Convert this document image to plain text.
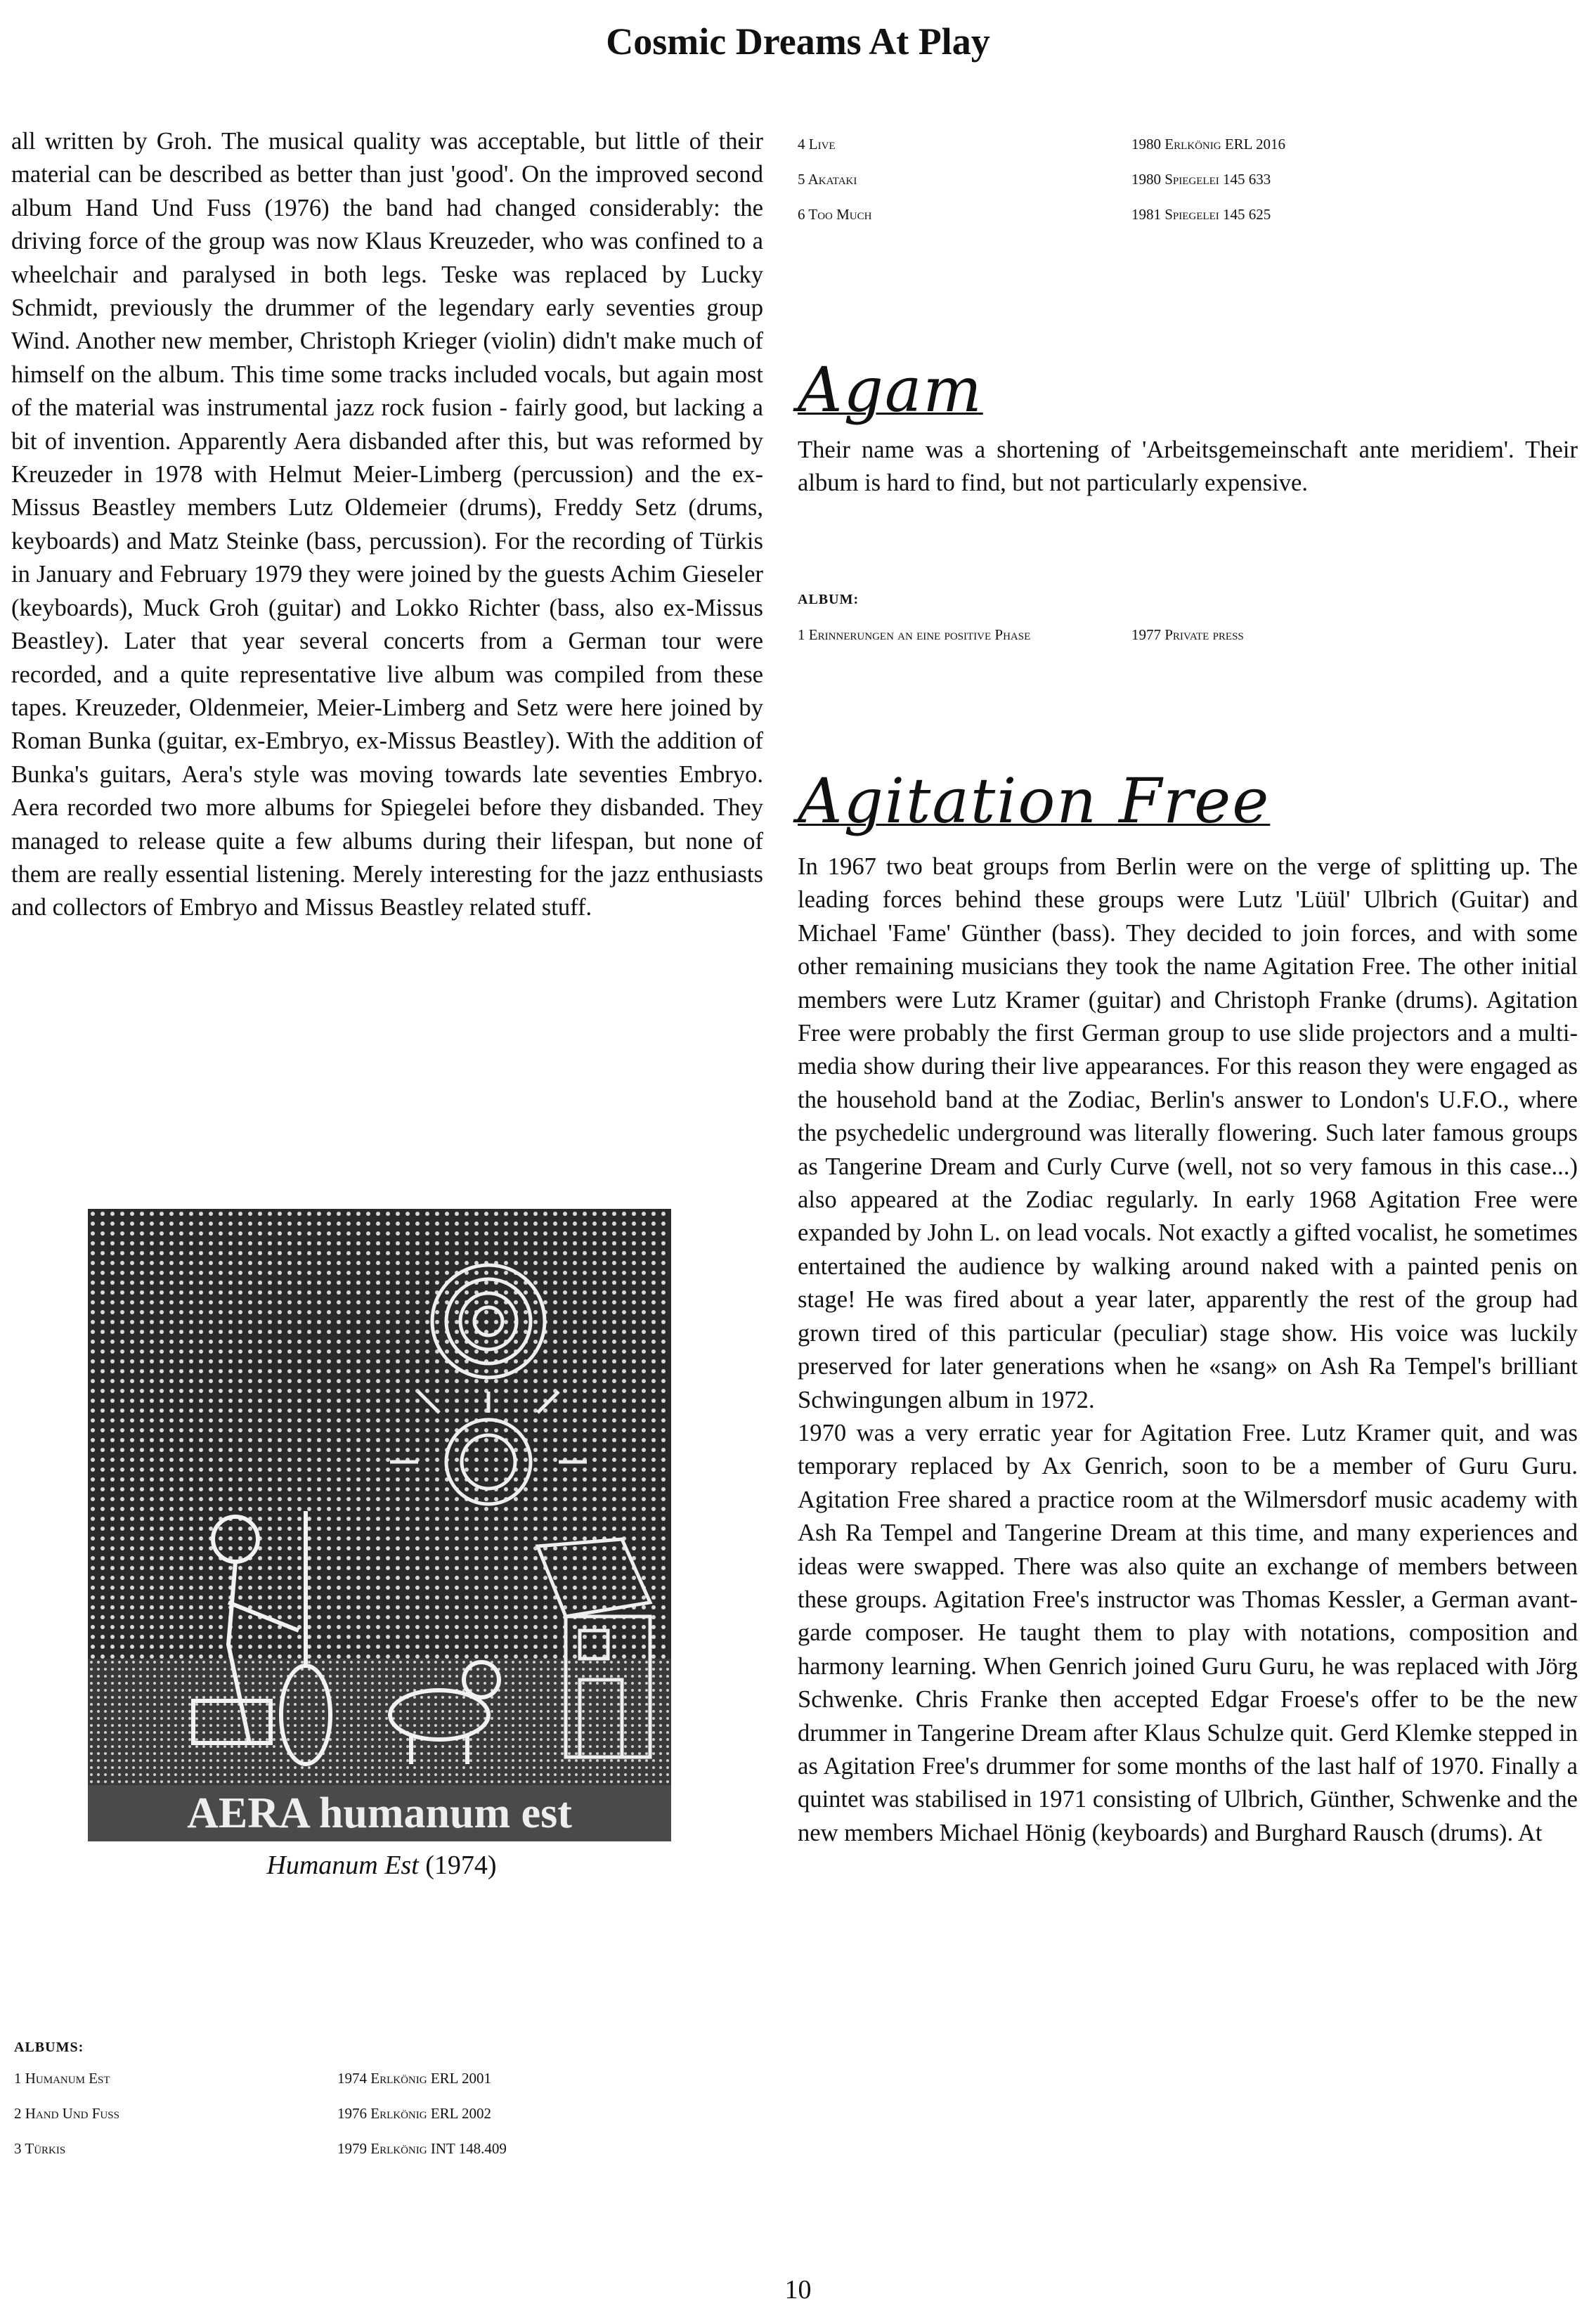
Cosmic Dreams At Play

all written by Groh. The musical quality was acceptable, but little of their material can be described as better than just 'good'. On the improved second album Hand Und Fuss (1976) the band had changed considerably: the driving force of the group was now Klaus Kreuzeder, who was confined to a wheelchair and paralysed in both legs. Teske was replaced by Lucky Schmidt, previously the drummer of the legendary early seventies group Wind. Another new member, Christoph Krieger (violin) didn't make much of himself on the album. This time some tracks included vocals, but again most of the material was instrumental jazz rock fusion - fairly good, but lacking a bit of invention. Apparently Aera disbanded after this, but was reformed by Kreuzeder in 1978 with Helmut Meier-Limberg (percussion) and the ex-Missus Beastley members Lutz Oldemeier (drums), Freddy Setz (drums, keyboards) and Matz Steinke (bass, percussion). For the recording of Türkis in January and February 1979 they were joined by the guests Achim Gieseler (keyboards), Muck Groh (guitar) and Lokko Richter (bass, also ex-Missus Beastley). Later that year several concerts from a German tour were recorded, and a quite representative live album was compiled from these tapes. Kreuzeder, Oldenmeier, Meier-Limberg and Setz were here joined by Roman Bunka (guitar, ex-Embryo, ex-Missus Beastley). With the addition of Bunka's guitars, Aera's style was moving towards late seventies Embryo. Aera recorded two more albums for Spiegelei before they disbanded. They managed to release quite a few albums during their lifespan, but none of them are really essential listening. Merely interesting for the jazz enthusiasts and collectors of Embryo and Missus Beastley related stuff.

AERA humanum est
Humanum Est (1974)
ALBUMS:
1 Humanum Est	1974 Erlkönig ERL 2001
2 Hand Und Fuss	1976 Erlkönig ERL 2002
3 Türkis	1979 Erlkönig INT 148.409
4 Live	1980 Erlkönig ERL 2016
5 Akataki	1980 Spiegelei 145 633
6 Too Much	1981 Spiegelei 145 625
Agam

Their name was a shortening of 'Arbeitsgemeinschaft ante meridiem'. Their album is hard to find, but not particularly expensive.

ALBUM:
1 Erinnerungen an eine positive Phase	1977 Private press
Agitation Free

In 1967 two beat groups from Berlin were on the verge of splitting up. The leading forces behind these groups were Lutz 'Lüül' Ulbrich (Guitar) and Michael 'Fame' Günther (bass). They decided to join forces, and with some other remaining musicians they took the name Agitation Free. The other initial members were Lutz Kramer (guitar) and Christoph Franke (drums). Agitation Free were probably the first German group to use slide projectors and a multi-media show during their live appearances. For this reason they were engaged as the household band at the Zodiac, Berlin's answer to London's U.F.O., where the psychedelic underground was literally flowering. Such later famous groups as Tangerine Dream and Curly Curve (well, not so very famous in this case...) also appeared at the Zodiac regularly. In early 1968 Agitation Free were expanded by John L. on lead vocals. Not exactly a gifted vocalist, he sometimes entertained the audience by walking around naked with a painted penis on stage! He was fired about a year later, apparently the rest of the group had grown tired of this particular (peculiar) stage show. His voice was luckily preserved for later generations when he «sang» on Ash Ra Tempel's brilliant Schwingungen album in 1972.

1970 was a very erratic year for Agitation Free. Lutz Kramer quit, and was temporary replaced by Ax Genrich, soon to be a member of Guru Guru. Agitation Free shared a practice room at the Wilmersdorf music academy with Ash Ra Tempel and Tangerine Dream at this time, and many experiences and ideas were swapped. There was also quite an exchange of members between these groups. Agitation Free's instructor was Thomas Kessler, a German avant-garde composer. He taught them to play with notations, composition and harmony learning. When Genrich joined Guru Guru, he was replaced with Jörg Schwenke. Chris Franke then accepted Edgar Froese's offer to be the new drummer in Tangerine Dream after Klaus Schulze quit. Gerd Klemke stepped in as Agitation Free's drummer for some months of the last half of 1970. Finally a quintet was stabilised in 1971 consisting of Ulbrich, Günther, Schwenke and the new members Michael Hönig (keyboards) and Burghard Rausch (drums). At

10
